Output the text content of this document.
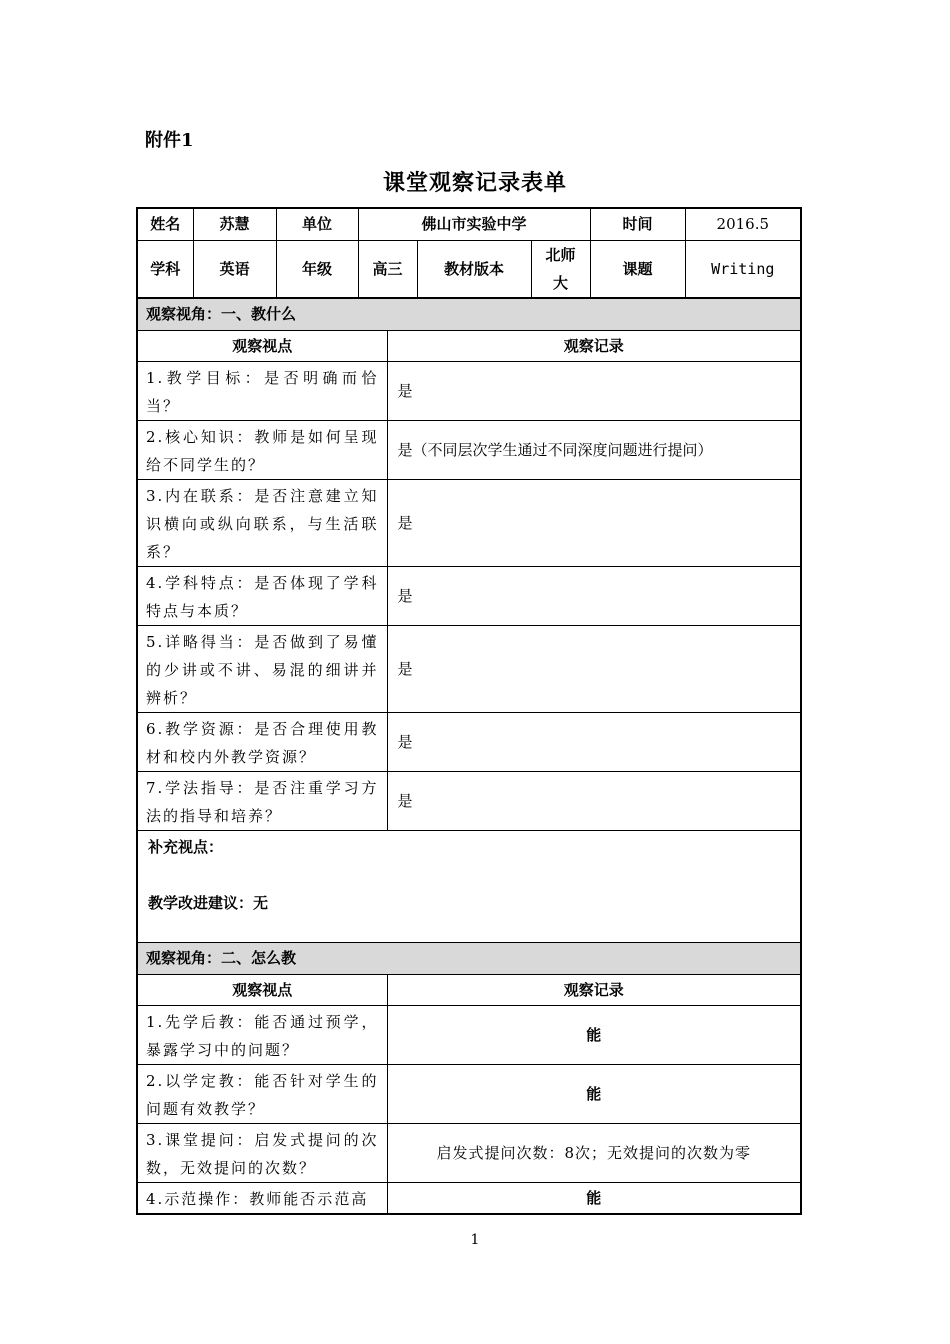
附件1
课堂观察记录表单
姓名	苏慧	单位	佛山市实验中学			时间	2016.5
学科	英语	年级	高三	教材版本	北师大	课题	Writing
观察视角：一、教什么	
观察视点	观察记录
1.教学目标：是否明确而恰当？	是
2.核心知识：教师是如何呈现给不同学生的？	是（不同层次学生通过不同深度问题进行提问）
3.内在联系：是否注意建立知识横向或纵向联系，与生活联系？	是
4.学科特点：是否体现了学科特点与本质？	是
5.详略得当：是否做到了易懂的少讲或不讲、易混的细讲并辨析？	是
6.教学资源：是否合理使用教材和校内外教学资源？	是
7.学法指导：是否注重学习方法的指导和培养？	是

补充视点：
教学改进建议：无	

观察视角：二、怎么教	
观察视点	观察记录
1.先学后教：能否通过预学，暴露学习中的问题？	能
2.以学定教：能否针对学生的问题有效教学？	能
3.课堂提问：启发式提问的次数，无效提问的次数？	启发式提问次数：8次；无效提问的次数为零
4.示范操作：教师能否示范高	能
1
